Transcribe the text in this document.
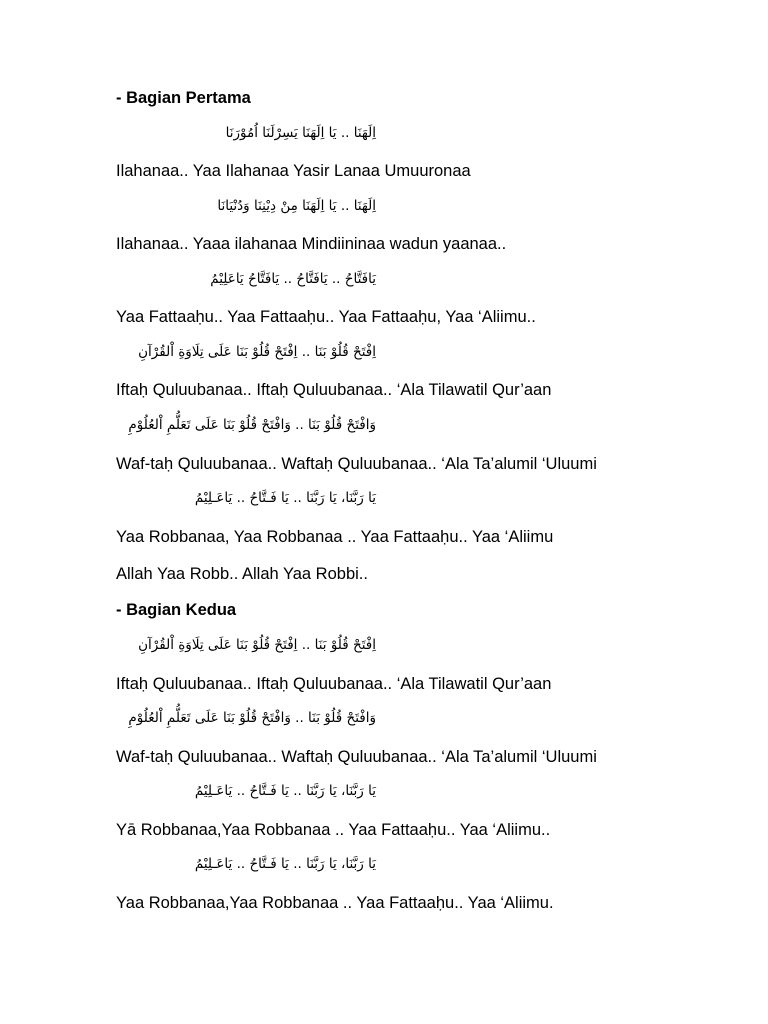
- Bagian Pertama
اِلَهَنَا .. يَا اِلَهَنَا يَسِرْلَنَا اُمُوْرَنَا
Ilahanaa.. Yaa Ilahanaa Yasir Lanaa Umuuronaa
اِلَهَنَا .. يَا اِلَهَنَا مِنْ دِيْنِنَا وَدُنْيَانَا
Ilahanaa.. Yaaa ilahanaa Mindiininaa wadun yaanaa..
يَافَتَّاحُ .. يَافَتَّاحُ .. يَافَتَّاحُ يَاعَلِيْمُ
Yaa Fattaaḥu.. Yaa Fattaaḥu.. Yaa Fattaaḥu, Yaa ‘Aliimu..
اِفْتَحْ قُلُوْ بَنَا .. اِفْتَحْ قُلُوْ بَنَا عَلَى تِلَاوَةِ اْلقُرْآنِ
Iftaḥ Quluubanaa.. Iftaḥ Quluubanaa.. ‘Ala Tilawatil Qur’aan
وَافْتَحْ قُلُوْ بَنَا .. وَافْتَحْ قُلُوْ بَنَا عَلَى تَعَلُّمِ اْلعُلُوْمِ
Waf-taḥ Quluubanaa.. Waftaḥ Quluubanaa.. ‘Ala Ta’alumil ‘Uluumi
يَا رَبَّنَا، يَا رَبَّنَا .. يَا فَـتَّاحُ .. يَاعَـلِيْمُ
Yaa Robbanaa, Yaa Robbanaa .. Yaa Fattaaḥu.. Yaa ‘Aliimu
Allah Yaa Robb.. Allah Yaa Robbi..
- Bagian Kedua
اِفْتَحْ قُلُوْ بَنَا .. اِفْتَحْ قُلُوْ بَنَا عَلَى تِلَاوَةِ اْلقُرْآنِ
Iftaḥ Quluubanaa.. Iftaḥ Quluubanaa.. ‘Ala Tilawatil Qur’aan
وَافْتَحْ قُلُوْ بَنَا .. وَافْتَحْ قُلُوْ بَنَا عَلَى تَعَلُّمِ اْلعُلُوْمِ
Waf-taḥ Quluubanaa.. Waftaḥ Quluubanaa.. ‘Ala Ta’alumil ‘Uluumi
يَا رَبَّنَا، يَا رَبَّنَا .. يَا فَـتَّاحُ .. يَاعَـلِيْمُ
Yā Robbanaa,Yaa Robbanaa .. Yaa Fattaaḥu.. Yaa ‘Aliimu..
يَا رَبَّنَا، يَا رَبَّنَا .. يَا فَـتَّاحُ .. يَاعَـلِيْمُ
Yaa Robbanaa,Yaa Robbanaa .. Yaa Fattaaḥu.. Yaa ‘Aliimu.
